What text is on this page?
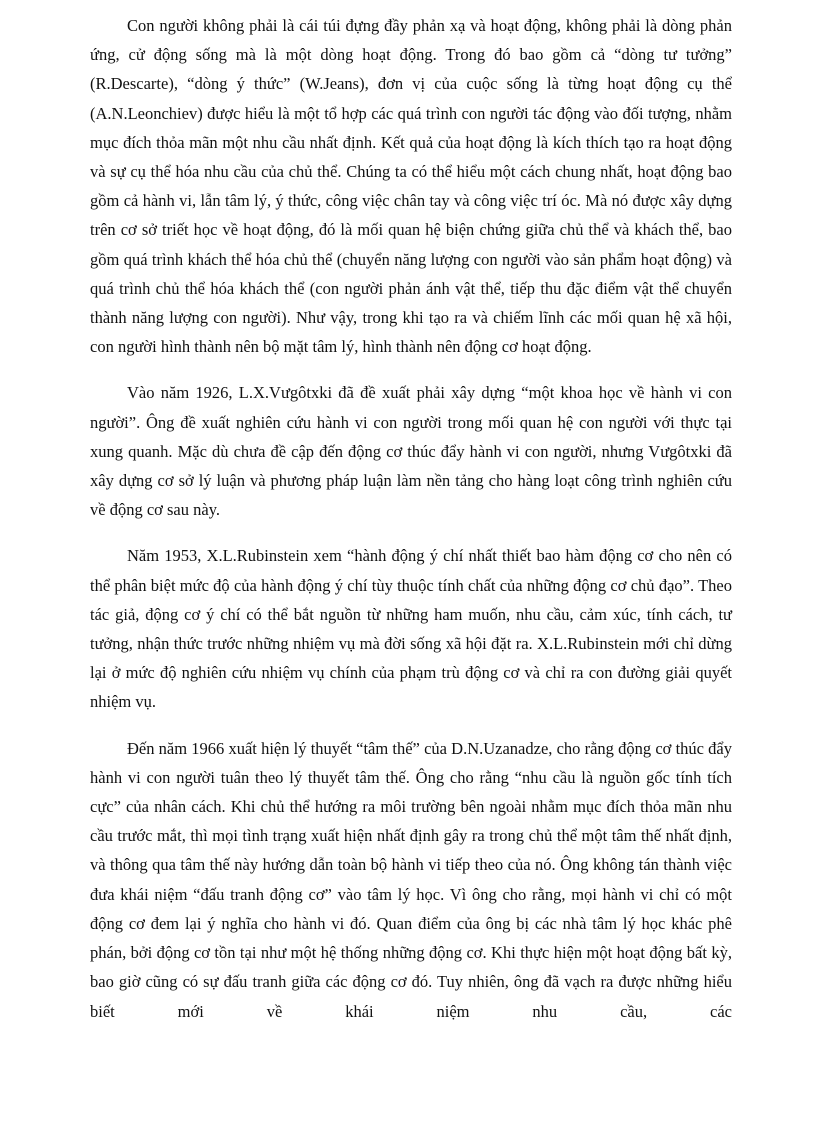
Con người không phải là cái túi đựng đầy phản xạ và hoạt động, không phải là dòng phản ứng, cử động sống mà là một dòng hoạt động. Trong đó bao gồm cả “dòng tư tưởng” (R.Descarte), “dòng ý thức” (W.Jeans), đơn vị của cuộc sống là từng hoạt động cụ thể (A.N.Leonchiev) được hiểu là một tổ hợp các quá trình con người tác động vào đối tượng, nhằm mục đích thỏa mãn một nhu cầu nhất định. Kết quả của hoạt động là kích thích tạo ra hoạt động và sự cụ thể hóa nhu cầu của chủ thể. Chúng ta có thể hiểu một cách chung nhất, hoạt động bao gồm cả hành vi, lẫn tâm lý, ý thức, công việc chân tay và công việc trí óc. Mà nó được xây dựng trên cơ sở triết học về hoạt động, đó là mối quan hệ biện chứng giữa chủ thể và khách thể, bao gồm quá trình khách thể hóa chủ thể (chuyển năng lượng con người vào sản phẩm hoạt động) và quá trình chủ thể hóa khách thể (con người phản ánh vật thể, tiếp thu đặc điểm vật thể chuyển thành năng lượng con người). Như vậy, trong khi tạo ra và chiếm lĩnh các mối quan hệ xã hội, con người hình thành nên bộ mặt tâm lý, hình thành nên động cơ hoạt động.

Vào năm 1926, L.X.Vưgôtxki đã đề xuất phải xây dựng “một khoa học về hành vi con người”. Ông đề xuất nghiên cứu hành vi con người trong mối quan hệ con người với thực tại xung quanh. Mặc dù chưa đề cập đến động cơ thúc đẩy hành vi con người, nhưng Vưgôtxki đã xây dựng cơ sở lý luận và phương pháp luận làm nền tảng cho hàng loạt công trình nghiên cứu về động cơ sau này.

Năm 1953, X.L.Rubinstein xem “hành động ý chí nhất thiết bao hàm động cơ cho nên có thể phân biệt mức độ của hành động ý chí tùy thuộc tính chất của những động cơ chủ đạo”. Theo tác giả, động cơ ý chí có thể bắt nguồn từ những ham muốn, nhu cầu, cảm xúc, tính cách, tư tưởng, nhận thức trước những nhiệm vụ mà đời sống xã hội đặt ra. X.L.Rubinstein mới chỉ dừng lại ở mức độ nghiên cứu nhiệm vụ chính của phạm trù động cơ và chỉ ra con đường giải quyết nhiệm vụ.

Đến năm 1966 xuất hiện lý thuyết “tâm thế” của D.N.Uzanadze, cho rằng động cơ thúc đẩy hành vi con người tuân theo lý thuyết tâm thế. Ông cho rằng “nhu cầu là nguồn gốc tính tích cực” của nhân cách. Khi chủ thể hướng ra môi trường bên ngoài nhằm mục đích thỏa mãn nhu cầu trước mắt, thì mọi tình trạng xuất hiện nhất định gây ra trong chủ thể một tâm thế nhất định, và thông qua tâm thế này hướng dẫn toàn bộ hành vi tiếp theo của nó. Ông không tán thành việc đưa khái niệm “đấu tranh động cơ” vào tâm lý học. Vì ông cho rằng, mọi hành vi chỉ có một động cơ đem lại ý nghĩa cho hành vi đó. Quan điểm của ông bị các nhà tâm lý học khác phê phán, bởi động cơ tồn tại như một hệ thống những động cơ. Khi thực hiện một hoạt động bất kỳ, bao giờ cũng có sự đấu tranh giữa các động cơ đó. Tuy nhiên, ông đã vạch ra được những hiểu biết mới về khái niệm nhu cầu, các
